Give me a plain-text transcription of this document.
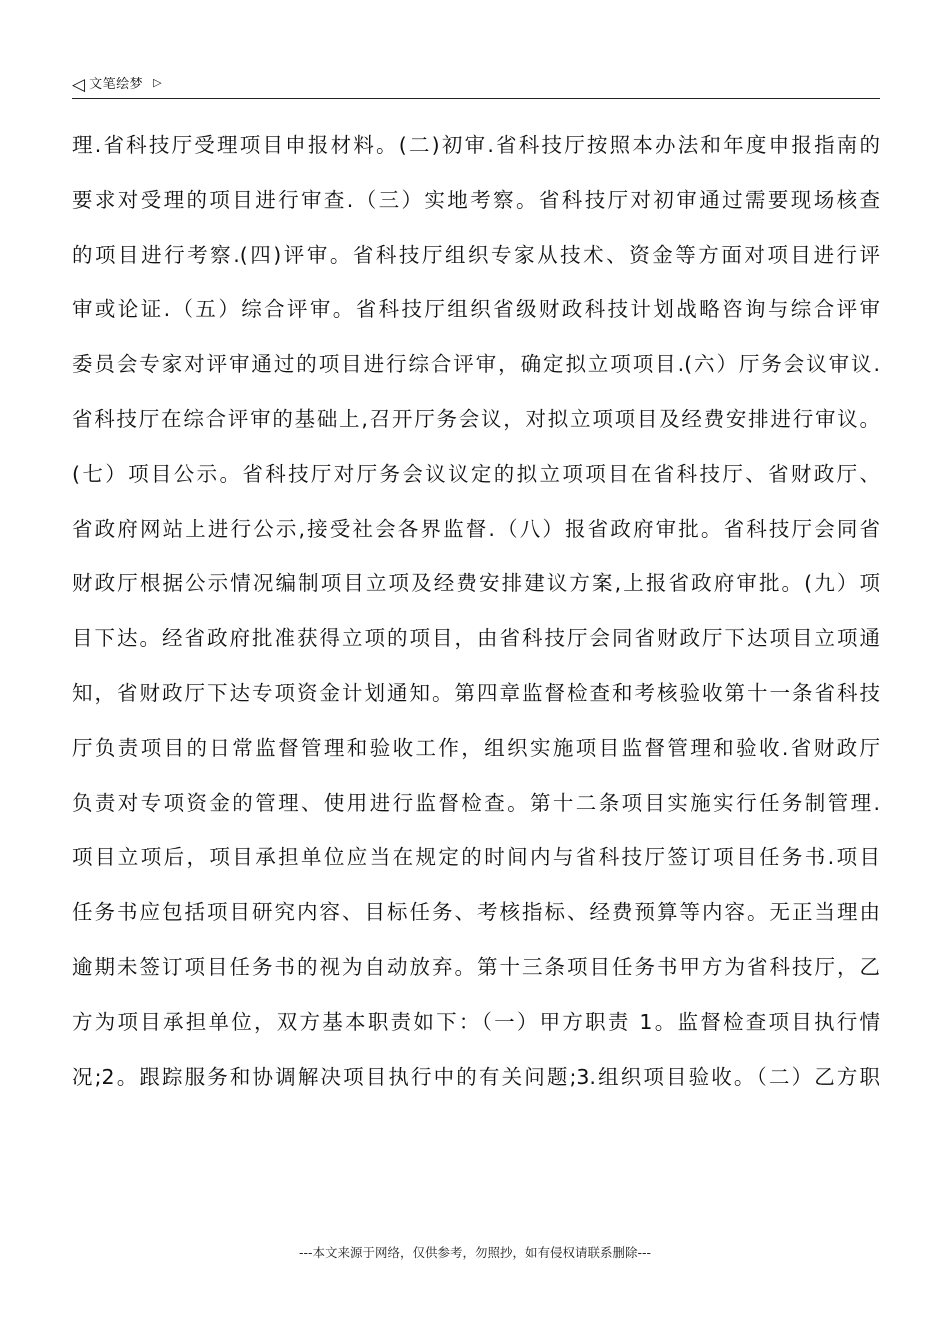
◁ 文笔绘梦 ▷
理.省科技厅受理项目申报材料。(二)初审.省科技厅按照本办法和年度申报指南的
要求对受理的项目进行审查.（三）实地考察。省科技厅对初审通过需要现场核查
的项目进行考察.(四)评审。省科技厅组织专家从技术、资金等方面对项目进行评
审或论证.（五）综合评审。省科技厅组织省级财政科技计划战略咨询与综合评审
委员会专家对评审通过的项目进行综合评审，确定拟立项项目.(六）厅务会议审议.
省科技厅在综合评审的基础上,召开厅务会议，对拟立项项目及经费安排进行审议。
(七）项目公示。省科技厅对厅务会议议定的拟立项项目在省科技厅、省财政厅、
省政府网站上进行公示,接受社会各界监督.（八）报省政府审批。省科技厅会同省
财政厅根据公示情况编制项目立项及经费安排建议方案,上报省政府审批。(九）项
目下达。经省政府批准获得立项的项目，由省科技厅会同省财政厅下达项目立项通
知，省财政厅下达专项资金计划通知。第四章监督检查和考核验收第十一条省科技
厅负责项目的日常监督管理和验收工作，组织实施项目监督管理和验收.省财政厅
负责对专项资金的管理、使用进行监督检查。第十二条项目实施实行任务制管理.
项目立项后，项目承担单位应当在规定的时间内与省科技厅签订项目任务书.项目
任务书应包括项目研究内容、目标任务、考核指标、经费预算等内容。无正当理由
逾期未签订项目任务书的视为自动放弃。第十三条项目任务书甲方为省科技厅，乙
方为项目承担单位，双方基本职责如下：（一）甲方职责 1。监督检查项目执行情
况;2。跟踪服务和协调解决项目执行中的有关问题;3.组织项目验收。（二）乙方职
---本文来源于网络，仅供参考，勿照抄，如有侵权请联系删除---
